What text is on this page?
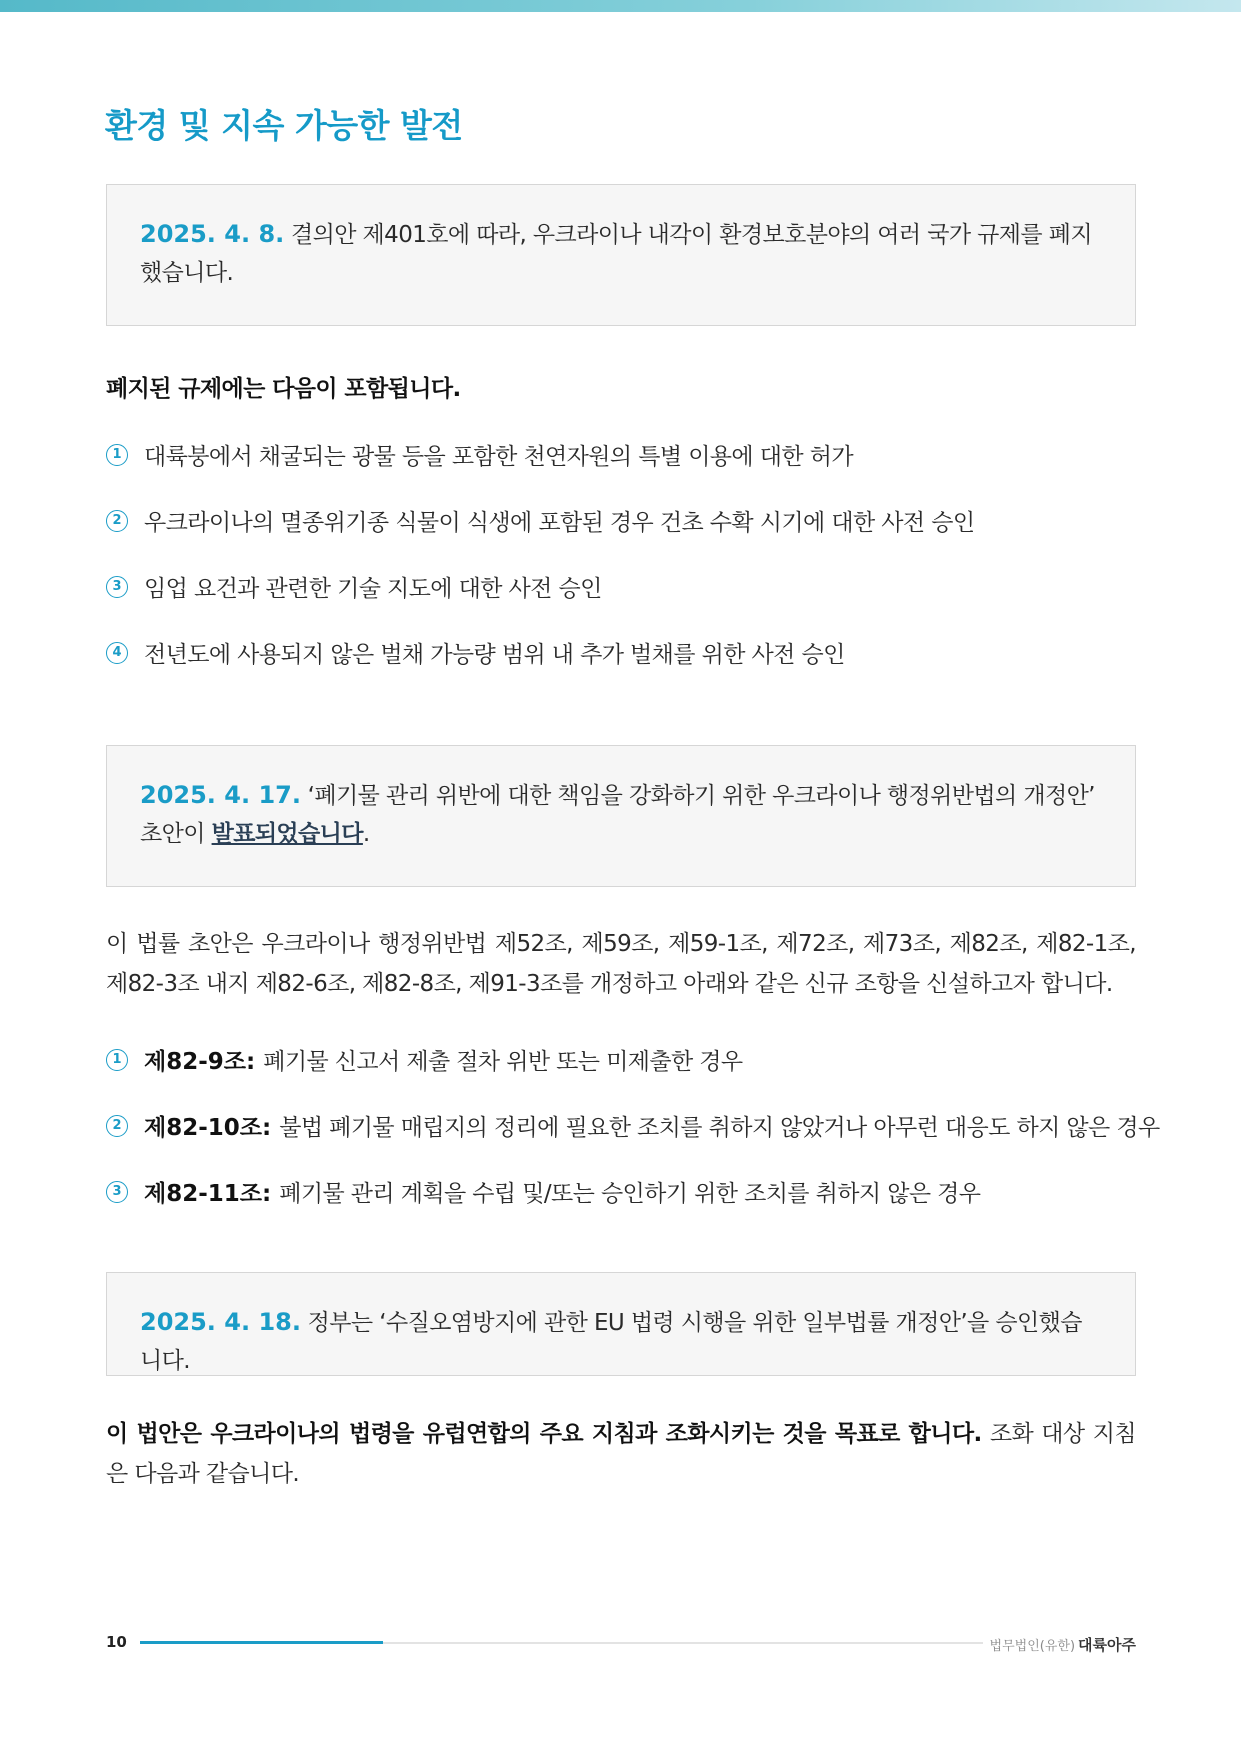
환경 및 지속 가능한 발전
2025. 4. 8. 결의안 제401호에 따라, 우크라이나 내각이 환경보호분야의 여러 국가 규제를 폐지했습니다.
폐지된 규제에는 다음이 포함됩니다.
1 대륙붕에서 채굴되는 광물 등을 포함한 천연자원의 특별 이용에 대한 허가
2 우크라이나의 멸종위기종 식물이 식생에 포함된 경우 건초 수확 시기에 대한 사전 승인
3 임업 요건과 관련한 기술 지도에 대한 사전 승인
4 전년도에 사용되지 않은 벌채 가능량 범위 내 추가 벌채를 위한 사전 승인
2025. 4. 17. ‘폐기물 관리 위반에 대한 책임을 강화하기 위한 우크라이나 행정위반법의 개정안’ 초안이 발표되었습니다.
이 법률 초안은 우크라이나 행정위반법 제52조, 제59조, 제59-1조, 제72조, 제73조, 제82조, 제82-1조, 제82-3조 내지 제82-6조, 제82-8조, 제91-3조를 개정하고 아래와 같은 신규 조항을 신설하고자 합니다.
1 제82-9조: 폐기물 신고서 제출 절차 위반 또는 미제출한 경우
2 제82-10조: 불법 폐기물 매립지의 정리에 필요한 조치를 취하지 않았거나 아무런 대응도 하지 않은 경우
3 제82-11조: 폐기물 관리 계획을 수립 및/또는 승인하기 위한 조치를 취하지 않은 경우
2025. 4. 18. 정부는 ‘수질오염방지에 관한 EU 법령 시행을 위한 일부법률 개정안’을 승인했습니다.
이 법안은 우크라이나의 법령을 유럽연합의 주요 지침과 조화시키는 것을 목표로 합니다. 조화 대상 지침은 다음과 같습니다.
10	법무법인(유한) 대륙아주
